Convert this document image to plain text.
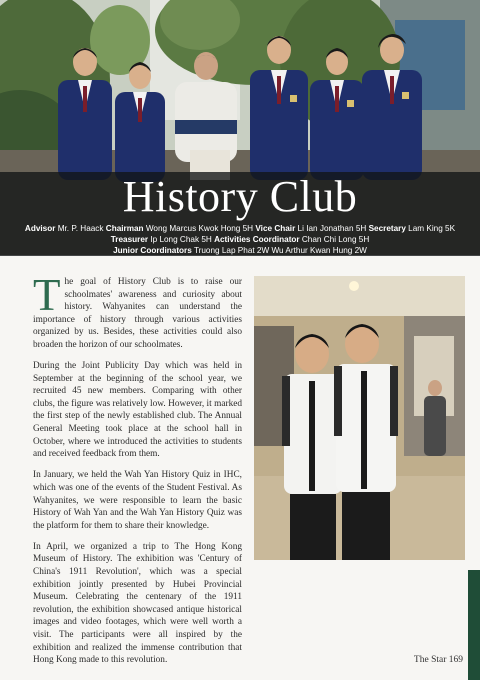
History Club
Advisor Mr. P. Haack Chairman Wong Marcus Kwok Hong 5H Vice Chair Li Ian Jonathan 5H Secretary Lam King 5K
Treasurer Ip Long Chak 5H Activities Coordinator Chan Chi Long 5H
Junior Coordinators Truong Lap Phat 2W Wu Arthur Kwan Hung 2W

The goal of History Club is to raise our schoolmates' awareness and curiosity about history. Wahyanites can understand the importance of history through various activities organized by us. Besides, these activities could also broaden the horizon of our schoolmates.

During the Joint Publicity Day which was held in September at the beginning of the school year, we recruited 45 new members. Comparing with other clubs, the figure was relatively low. However, it marked the first step of the newly established club. The Annual General Meeting took place at the school hall in October, where we introduced the activities to students and received feedback from them.

In January, we held the Wah Yan History Quiz in IHC, which was one of the events of the Student Festival. As Wahyanites, we were responsible to learn the basic History of Wah Yan and the Wah Yan History Quiz was the platform for them to share their knowledge.

In April, we organized a trip to The Hong Kong Museum of History. The exhibition was 'Century of China's 1911 Revolution', which was a special exhibition jointly presented by Hubei Provincial Museum. Celebrating the centenary of the 1911 revolution, the exhibition showcased antique historical images and video footages, which were well worth a visit. The participants were all inspired by the exhibition and realized the immense contribution that Hong Kong made to this revolution.	The Star 169
